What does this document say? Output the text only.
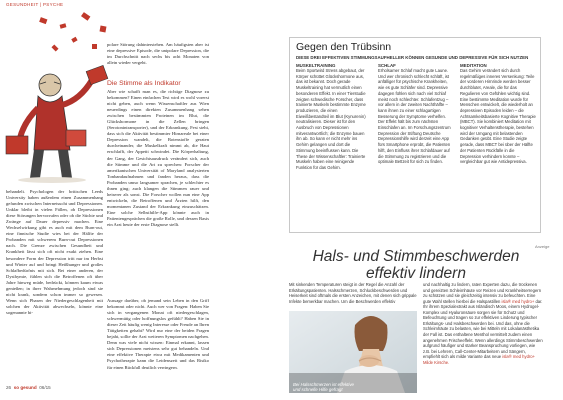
GESUNDHEIT | PSYCHE

polare Störung dahinterstehen. Am häufigsten aber ist eine depressive Episode, die unipolare Depression, die im Durchschnitt nach sechs bis acht Monaten von allein wieder vergeht.

Die Stimme als Indikator

Aber wie schafft man es, die richtige Diagnose zu bekommen? Einen einfachen Test wird es wohl vorerst nicht geben, auch wenn Wissenschaftler aus Wien neuerdings einen direkten Zusammenhang sehen zwischen bestimmten Proteinen im Blut, die Glückshormone in die Zellen bringen (Serotonintransporter), und der Erkrankung. Fest steht, dass sich die Aktivität bestimmter Hirnareale bei einer Depression wandelt, die Botenstoffe geraten durcheinander, die Muskelkraft nimmt ab, die Haut erschlafft, der Appetit schwindet. Die Körperhaltung, der Gang, der Gesichtsausdruck verändert sich, auch die Stimme und die Art zu sprechen: Forscher der amerikanischen Universität of Maryland analysierten Tonbandaufnahmen und fanden heraus, dass die Probanden umso langsamer sprachen, je schlechter es ihnen ging; auch klangen die Stimmen rauer und heiserer als sonst. Die Forscher wollen nun eine App entwickeln, die Betroffenen und Ärzten hilft, den momentanen Zustand der Erkrankung einzuschätzen. Eine solche Selbsthilfe-App könnte auch in Patientengesprächen die große Rolle, und dessen Basis ein Arzt heute der erste Diagnose stellt.

behandelt. Psychologen der britischen Leeds University haben außerdem einen Zusammenhang gefunden zwischen Internetsucht und Depressionen. Unklar bleibt in vielen Fällen, ob Depressionen diese Störungen hervorrufen oder ob die Süchte und Zwänge auf Dauer depressiv machen. Eine Wechselwirkung gibt es auch mit dem Burn-out, eine finnische Studie wies bei der Hälfte der Probanden mit schwerem Burn-out Depressionen nach. Die Grenze zwischen Gesundheit und Krankheit lässt sich oft nicht exakt ziehen. Eine besondere Form der Depression tritt nur im Herbst und Winter auf und bringt Heißhunger und großes Schlafbedürfnis mit sich. Bei einer anderen, der Dysthymie, fühlen sich die Betroffenen oft über Jahre hinweg müde, bedrückt, können kaum etwas genießen; in ihrer Wahrnehmung jedoch sind sie nicht krank, sondern schon immer so gewesen. Wenn sich Phasen der Niedergeschlagenheit mit solchen der Aktivität abwechseln, könnte eine sogenannte bi-

Aussage darüber, ob jemand sein Leben in den Griff bekommt oder nicht. Auch wer von Fragen: Haben Sie sich in vergangenen Monat oft niedergeschlagen, schwermütig oder hoffnungslos gefühlt? Haben Sie in dieser Zeit häufig wenig Interesse oder Freude an Ihren Tätigkeiten gehabt? Wird nur eine der beiden Fragen bejaht, sollte der Arzt weiteren Symptomen nachgehen. Denn was viele nicht wissen: Einmal erkannt, lassen sich Depressionen meistens sehr gut behandeln. Und eine effektive Therapie etwa mit Medikamenten und Psychotherapie kann die Leidenszeit und das Risiko für einen Rückfall deutlich verringern.

26 so gesund 06/15
Gegen den Trübsinn
DIESE DREI EFFEKTIVEN STIMMUNGSAUFHELLER KÖNNEN GESUNDE UND DEPRESSIVE FÜR SICH NUTZEN
MUSKELTRAINING

Beim Sportwird Stress abgebaut, der Körper schüttet Glückshormone aus, das ist bekannt. Doch gerade Muskeltraining hat vermutlich einen besonderen Effekt. In einer Tierstudie zeigten schwedische Forscher, dass trainierte Muskeln bestimmte Enzyme produzieren, die einen Eiweißbestandteil im Blut (Kynurenin) neutralisieren. Dieser ist für den Ausbruch von Depressionen mitverantwortlich; die Enzyme bauen ihn ab. So kann er nicht mehr ins Gehirn gelangen und dort die Stimmung beeinflussen kann. Die These der Wissenschaftler: Trainierte Muskeln haben eine reinigende Funktion für das Gehirn.

SCHLAF

Erholsamer Schlaf macht gute Laune. Und wer chronisch schlecht schläft, ist anfälliger für psychische Krankheiten, wie es gute Schläfer sind. Depressive dagegen fühlen sich nach viel Schlaf meist noch schlechter. Schlafentzug – vor allem in der zweiten Nachthälfte – kann ihnen zu einer schlagartigen Besserung der Symptome verhelfen. Der Effekt hält bis zum nächsten Einschlafen an. Im Forschungszentrum Depression der Stiftung Deutsche Depressionshilfe wird derzeit eine App fürs Smartphone erprobt, die Patienten hilft, den Einfluss ihrer Schlafdauer auf die Stimmung zu registrieren und die optimale Bettzeit für sich zu finden.

MEDITATION

Das Gehirn verändert sich durch regelmäßiges inneres Versenkung: Teile der vorderen Hirnrinde werden besser durchblutet, Areale, die für das Regulieren von Gefühlen wichtig sind. Eine bestimmte Meditation wurde für Menschen entwickelt, die wiederholt an depressiven Episoden leiden – die Achtsamkeitsbasierte Kognitive Therapie (MBCT). Sie kombiniert Meditation mit kognitiver Verhaltenstherapie, bestehen wird der Umgang mit belastenden Gedanken geübt. Eine Studie zeigte gerade, dass MBCT bei über der Hälfte der Patienten Rückfälle in die Depression verhindern konnte – vergleichbar gut wie Antidepressiva.

Anzeige
Hals- und Stimmbeschwerden
effektiv lindern

Mit sinkenden Temperaturen steigt in der Regel die Anzahl der Erkältungspatienten. Halsschmerzen, Schluckbeschwerden und Heiserkeit sind oftmals die ersten Anzeichen, mit denen sich grippale Infekte bemerkbar machen. Um die Beschwerden effektiv

und nachhaltig zu lindern, raten Experten dazu, die trockenen und gereizten Schleimhäute vor Reizen und Krankheitserregern zu schützen und sie gleichzeitig intensiv zu befeuchten. Eine gute Wahl stellen hierbei die Halspastillen isla® med hydro+ dar.

Bei Halsschmerzen ist effektive und schnelle Hilfe gefragt

Ihr ihrem Spezialextrakt aus Isländisch Moos, einem Hydrogel-Komplex und Hyaluronsäure sorgen sie für Schutz und Befeuchtung und tragen so zur effektiven Linderung typischer Erkältungs- und Halsbeschwerden bei. Und das, ohne die Schleimhäute zu belasten, wie bei Mitteln mit Lokalanästhetika der Fall ist. Das enthaltene Menthol vermittelt zudem einen angenehmen Frischeeffekt. Wenn allerdings Stimmbeschwerden aufgrund häufiger und starker Beanspruchung vorliegen, wie z.B. bei Lehrern, Call-Center-Mitarbeitern und Sängern, empfiehlt sich als milde Variante das neue isla® med hydro+ Milde Kirsche.
